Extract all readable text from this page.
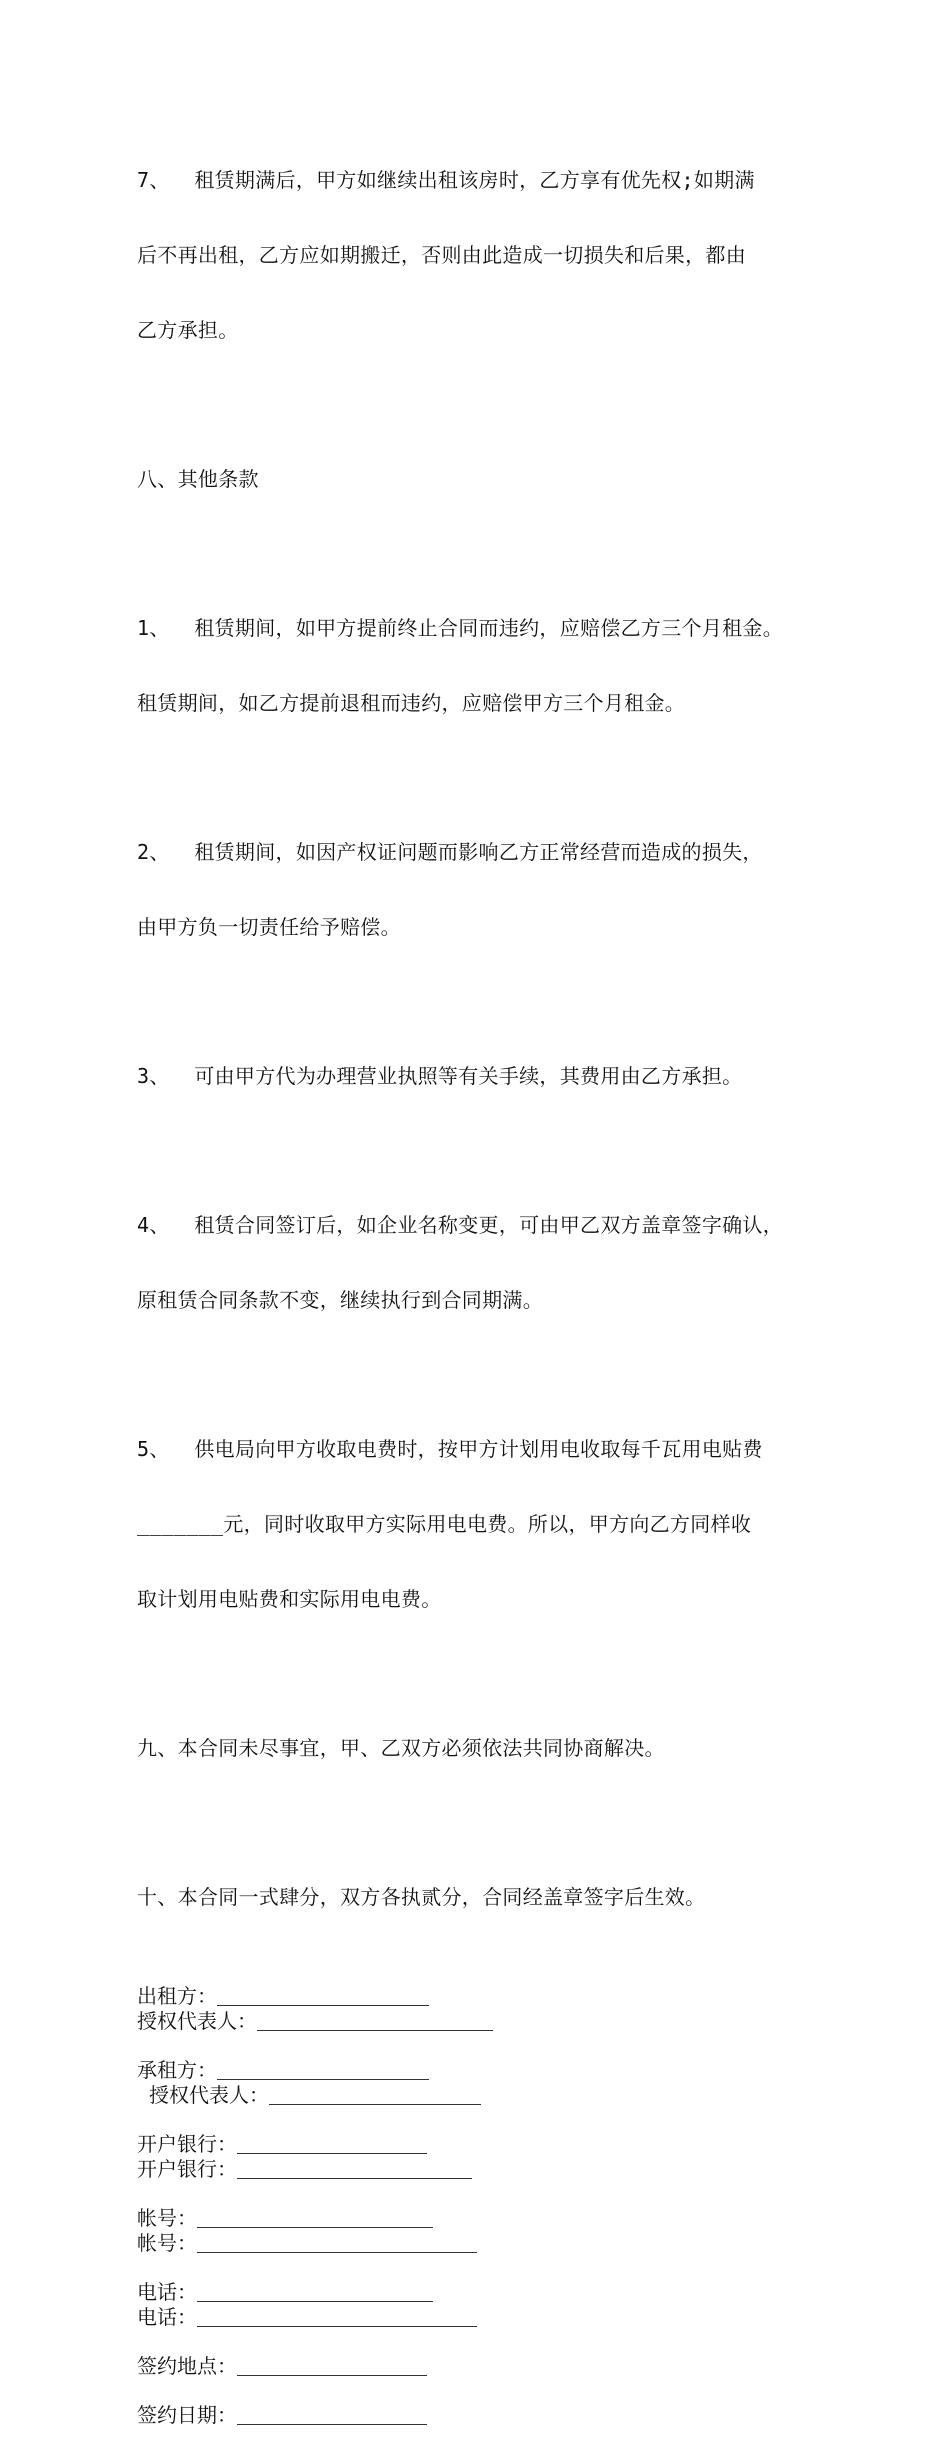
7、  租赁期满后，甲方如继续出租该房时，乙方享有优先权;如期满

后不再出租，乙方应如期搬迁，否则由此造成一切损失和后果，都由

乙方承担。

八、其他条款

1、  租赁期间，如甲方提前终止合同而违约，应赔偿乙方三个月租金。

租赁期间，如乙方提前退租而违约，应赔偿甲方三个月租金。

2、  租赁期间，如因产权证问题而影响乙方正常经营而造成的损失，

由甲方负一切责任给予赔偿。

3、  可由甲方代为办理营业执照等有关手续，其费用由乙方承担。

4、  租赁合同签订后，如企业名称变更，可由甲乙双方盖章签字确认，

原租赁合同条款不变，继续执行到合同期满。

5、  供电局向甲方收取电费时，按甲方计划用电收取每千瓦用电贴费

_______元，同时收取甲方实际用电电费。所以，甲方向乙方同样收

取计划用电贴费和实际用电电费。

九、本合同未尽事宜，甲、乙双方必须依法共同协商解决。

十、本合同一式肆分，双方各执贰分，合同经盖章签字后生效。

出租方：
授权代表人：
承租方：
授权代表人：
开户银行：
开户银行：
帐号：
帐号：
电话：
电话：
签约地点：
签约日期：
